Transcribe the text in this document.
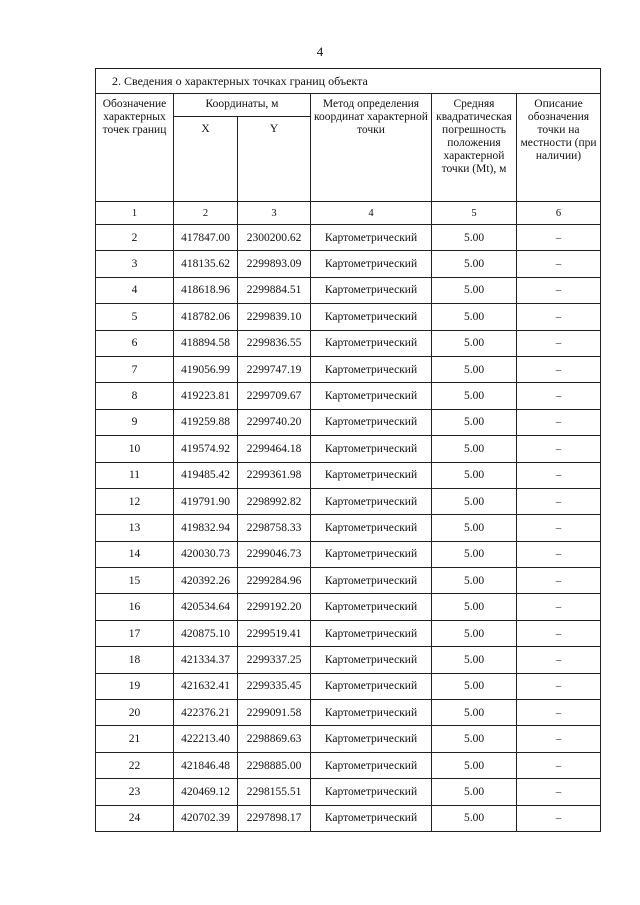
4
2. Сведения о характерных точках границ объекта					
Обозначение характерных точек границ	Координаты, м		Метод определения координат характерной точки	Средняя квадратическая погрешность положения характерной точки (Mt), м	Описание обозначения точки на местности (при наличии)
	X	Y			
1	2	3	4	5	6
2	417847.00	2300200.62	Картометрический	5.00	–
3	418135.62	2299893.09	Картометрический	5.00	–
4	418618.96	2299884.51	Картометрический	5.00	–
5	418782.06	2299839.10	Картометрический	5.00	–
6	418894.58	2299836.55	Картометрический	5.00	–
7	419056.99	2299747.19	Картометрический	5.00	–
8	419223.81	2299709.67	Картометрический	5.00	–
9	419259.88	2299740.20	Картометрический	5.00	–
10	419574.92	2299464.18	Картометрический	5.00	–
11	419485.42	2299361.98	Картометрический	5.00	–
12	419791.90	2298992.82	Картометрический	5.00	–
13	419832.94	2298758.33	Картометрический	5.00	–
14	420030.73	2299046.73	Картометрический	5.00	–
15	420392.26	2299284.96	Картометрический	5.00	–
16	420534.64	2299192.20	Картометрический	5.00	–
17	420875.10	2299519.41	Картометрический	5.00	–
18	421334.37	2299337.25	Картометрический	5.00	–
19	421632.41	2299335.45	Картометрический	5.00	–
20	422376.21	2299091.58	Картометрический	5.00	–
21	422213.40	2298869.63	Картометрический	5.00	–
22	421846.48	2298885.00	Картометрический	5.00	–
23	420469.12	2298155.51	Картометрический	5.00	–
24	420702.39	2297898.17	Картометрический	5.00	–
